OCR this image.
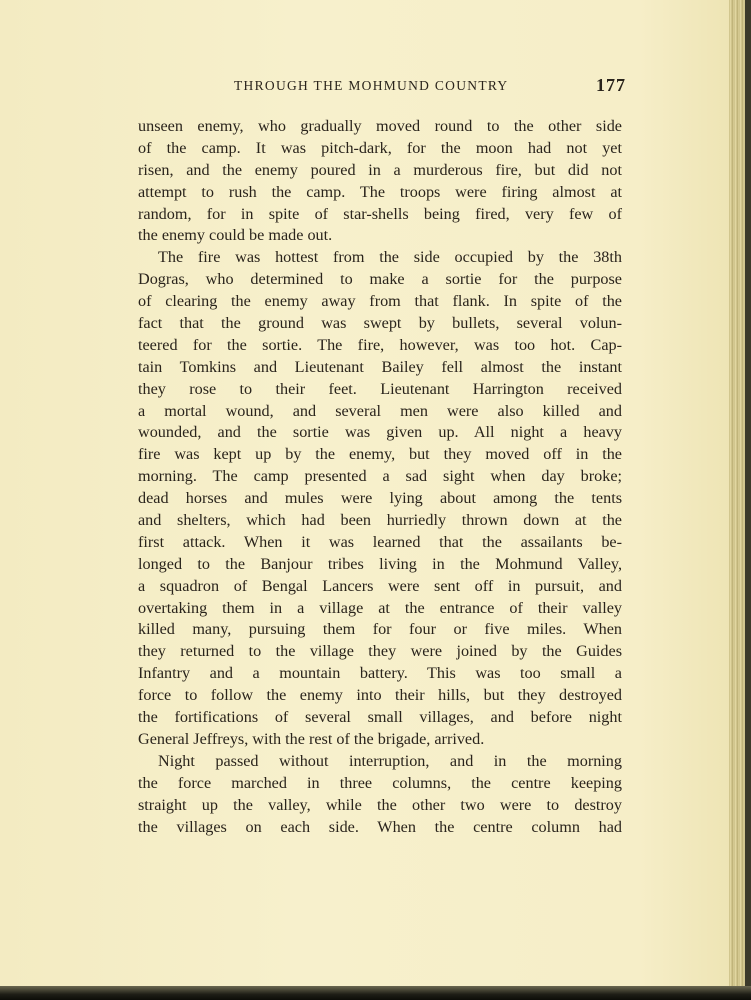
THROUGH THE MOHMUND COUNTRY	177
unseen enemy, who gradually moved round to the other side
of the camp. It was pitch-dark, for the moon had not yet
risen, and the enemy poured in a murderous fire, but did not
attempt to rush the camp. The troops were firing almost at
random, for in spite of star-shells being fired, very few of
the enemy could be made out.
The fire was hottest from the side occupied by the 38th
Dogras, who determined to make a sortie for the purpose
of clearing the enemy away from that flank. In spite of the
fact that the ground was swept by bullets, several volun-
teered for the sortie. The fire, however, was too hot. Cap-
tain Tomkins and Lieutenant Bailey fell almost the instant
they rose to their feet. Lieutenant Harrington received
a mortal wound, and several men were also killed and
wounded, and the sortie was given up. All night a heavy
fire was kept up by the enemy, but they moved off in the
morning. The camp presented a sad sight when day broke;
dead horses and mules were lying about among the tents
and shelters, which had been hurriedly thrown down at the
first attack. When it was learned that the assailants be-
longed to the Banjour tribes living in the Mohmund Valley,
a squadron of Bengal Lancers were sent off in pursuit, and
overtaking them in a village at the entrance of their valley
killed many, pursuing them for four or five miles. When
they returned to the village they were joined by the Guides
Infantry and a mountain battery. This was too small a
force to follow the enemy into their hills, but they destroyed
the fortifications of several small villages, and before night
General Jeffreys, with the rest of the brigade, arrived.
Night passed without interruption, and in the morning
the force marched in three columns, the centre keeping
straight up the valley, while the other two were to destroy
the villages on each side. When the centre column had
